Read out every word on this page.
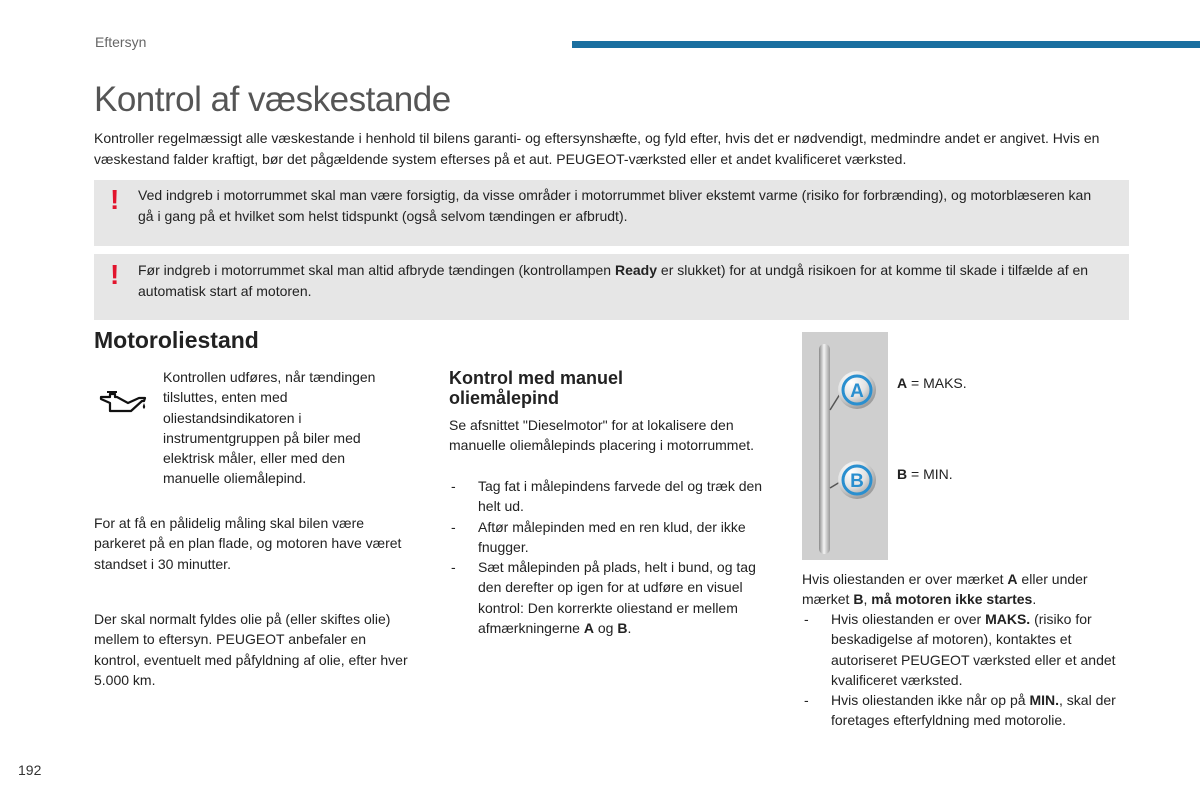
Eftersyn
Kontrol af væskestande

Kontroller regelmæssigt alle væskestande i henhold til bilens garanti- og eftersynshæfte, og fyld efter, hvis det er nødvendigt, medmindre andet er angivet. Hvis en væskestand falder kraftigt, bør det pågældende system efterses på et aut. PEUGEOT-værksted eller et andet kvalificeret værksted.

! Ved indgreb i motorrummet skal man være forsigtig, da visse områder i motorrummet bliver ekstemt varme (risiko for forbrænding), og motorblæseren kan gå i gang på et hvilket som helst tidspunkt (også selvom tændingen er afbrudt).
! Før indgreb i motorrummet skal man altid afbryde tændingen (kontrollampen Ready er slukket) for at undgå risikoen for at komme til skade i tilfælde af en automatisk start af motoren.
Motoroliestand

Kontrollen udføres, når tændingen tilsluttes, enten med oliestandsindikatoren i instrumentgruppen på biler med elektrisk måler, eller med den manuelle oliemålepind.

For at få en pålidelig måling skal bilen være parkeret på en plan flade, og motoren have været standset i 30 minutter.

Der skal normalt fyldes olie på (eller skiftes olie) mellem to eftersyn. PEUGEOT anbefaler en kontrol, eventuelt med påfyldning af olie, efter hver 5.000 km.

Kontrol med manuel oliemålepind

Se afsnittet "Dieselmotor" for at lokalisere den manuelle oliemålepinds placering i motorrummet.

- Tag fat i målepindens farvede del og træk den helt ud.
- Aftør målepinden med en ren klud, der ikke fnugger.
- Sæt målepinden på plads, helt i bund, og tag den derefter op igen for at udføre en visuel kontrol: Den korrerkte oliestand er mellem afmærkningerne A og B.
A
B
A = MAKS.
B = MIN.

Hvis oliestanden er over mærket A eller under mærket B, må motoren ikke startes.

- Hvis oliestanden er over MAKS. (risiko for beskadigelse af motoren), kontaktes et autoriseret PEUGEOT værksted eller et andet kvalificeret værksted.
- Hvis oliestanden ikke når op på MIN., skal der foretages efterfyldning med motorolie.
192
